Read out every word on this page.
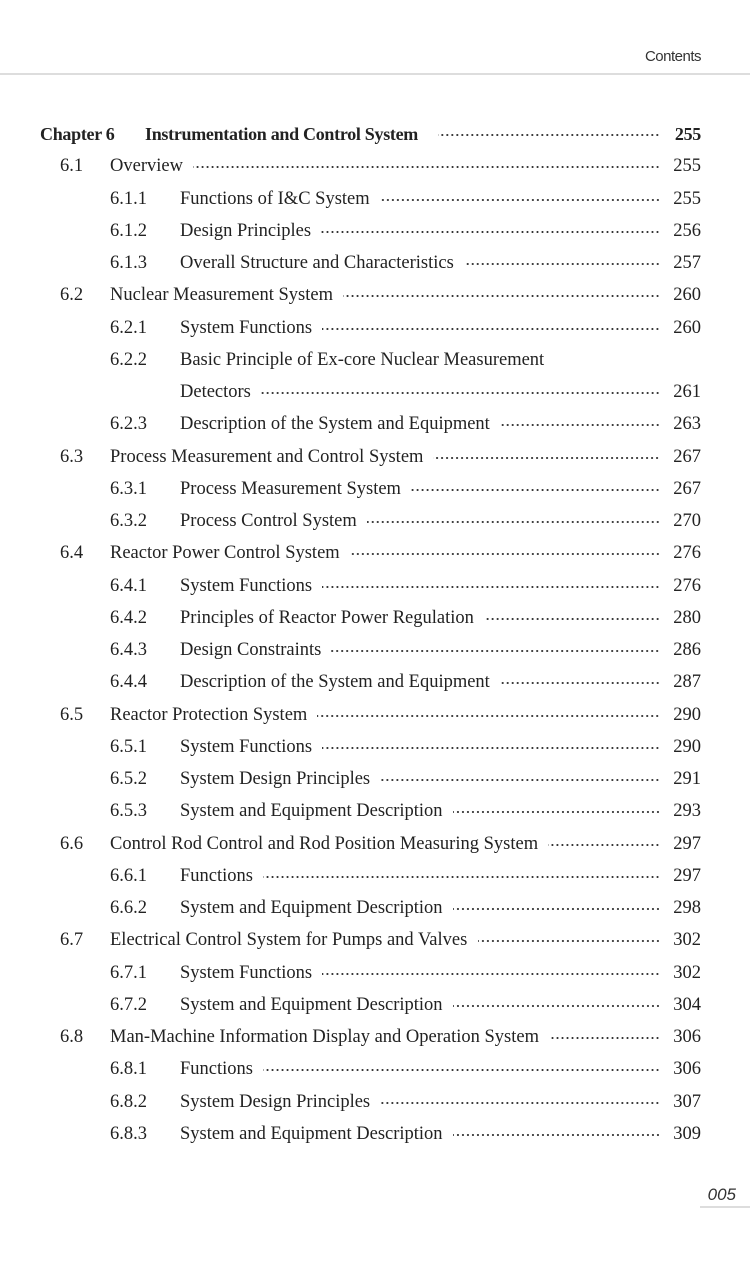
Contents
Chapter 6 Instrumentation and Control System	255
6.1 Overview	255
6.1.1 Functions of I&C System	255
6.1.2 Design Principles	256
6.1.3 Overall Structure and Characteristics	257
6.2 Nuclear Measurement System	260
6.2.1 System Functions	260
6.2.2 Basic Principle of Ex-core Nuclear Measurement
Detectors	261
6.2.3 Description of the System and Equipment	263
6.3 Process Measurement and Control System	267
6.3.1 Process Measurement System	267
6.3.2 Process Control System	270
6.4 Reactor Power Control System	276
6.4.1 System Functions	276
6.4.2 Principles of Reactor Power Regulation	280
6.4.3 Design Constraints	286
6.4.4 Description of the System and Equipment	287
6.5 Reactor Protection System	290
6.5.1 System Functions	290
6.5.2 System Design Principles	291
6.5.3 System and Equipment Description	293
6.6 Control Rod Control and Rod Position Measuring System	297
6.6.1 Functions	297
6.6.2 System and Equipment Description	298
6.7 Electrical Control System for Pumps and Valves	302
6.7.1 System Functions	302
6.7.2 System and Equipment Description	304
6.8 Man-Machine Information Display and Operation System	306
6.8.1 Functions	306
6.8.2 System Design Principles	307
6.8.3 System and Equipment Description	309
005
